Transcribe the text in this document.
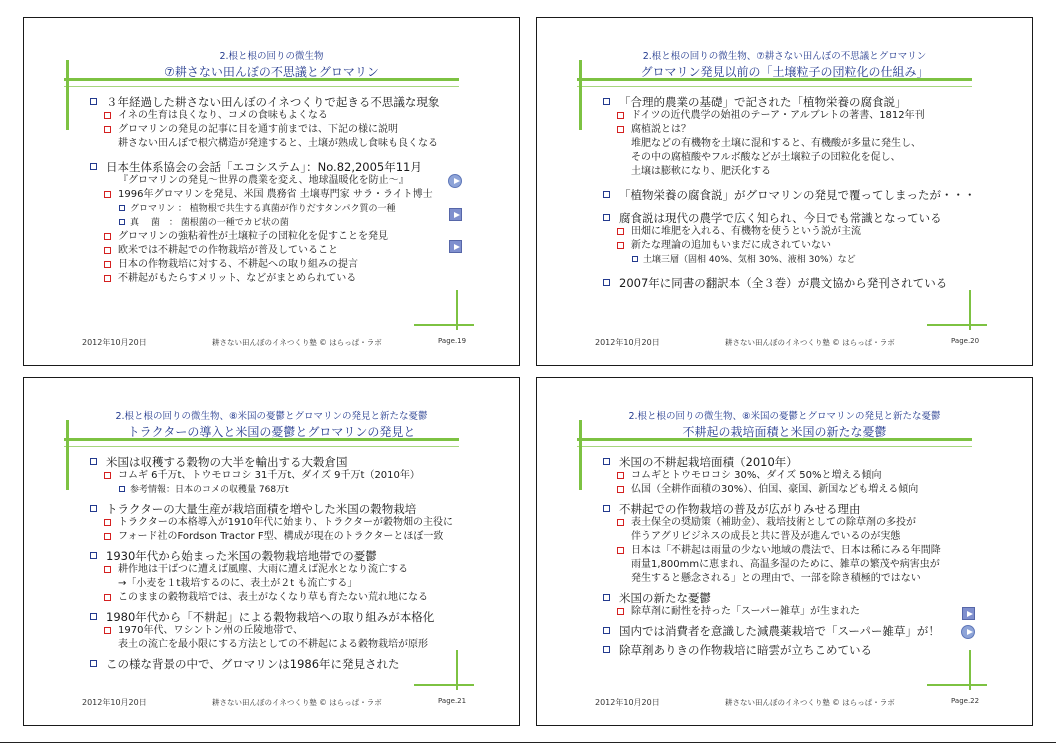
2.根と根の回りの微生物
⑦耕さない田んぼの不思議とグロマリン
３年経過した耕さない田んぼのイネつくりで起きる不思議な現象
イネの生育は良くなり、コメの食味もよくなる
グロマリンの発見の記事に目を通す前までは、下記の様に説明
耕さない田んぼで根穴構造が発達すると、土壌が熟成し食味も良くなる
日本生体系協会の会話「エコシステム」：No.82,2005年11月
『グロマリンの発見～世界の農業を変え、地球温暖化を防止～』
1996年グロマリンを発見、米国 農務省 土壌専門家 サラ・ライト博士
グロマリン ： 植物根で共生する真菌が作りだすタンパク質の一種
真　 菌　： 菌根菌の一種でカビ状の菌
グロマリンの強粘着性が土壌粒子の団粒化を促すことを発見
欧米では不耕起での作物栽培が普及していること
日本の作物栽培に対する、不耕起への取り組みの提言
不耕起がもたらすメリット、などがまとめられている
2012年10月20日	耕さない田んぼのイネつくり塾 © はらっぱ・ラボ	Page.19
2.根と根の回りの微生物、⑦耕さない田んぼの不思議とグロマリン
グロマリン発見以前の「土壌粒子の団粒化の仕組み」
「合理的農業の基礎」で記された「植物栄養の腐食説」
ドイツの近代農学の始祖のテーア・アルブレトの著書、1812年刊
腐植説とは？
堆肥などの有機物を土壌に混和すると、有機酸が多量に発生し、
その中の腐植酸やフルボ酸などが土壌粒子の団粒化を促し、
土壌は膨軟になり、肥沃化する
「植物栄養の腐食説」がグロマリンの発見で覆ってしまったが・・・
腐食説は現代の農学で広く知られ、今日でも常識となっている
田畑に堆肥を入れる、有機物を使うという説が主流
新たな理論の追加もいまだに成されていない
土壌三層（固相 40%、気相 30%、液相 30%）など
2007年に同書の翻訳本（全３巻）が農文協から発刊されている
2012年10月20日	耕さない田んぼのイネつくり塾 © はらっぱ・ラボ	Page.20
2.根と根の回りの微生物、⑧米国の憂鬱とグロマリンの発見と新たな憂鬱
トラクターの導入と米国の憂鬱とグロマリンの発見と
米国は収穫する穀物の大半を輸出する大穀倉国
コムギ 6千万t、トウモロコシ 31千万t、ダイズ 9千万t（2010年）
参考情報：日本のコメの収穫量 768万t
トラクターの大量生産が栽培面積を増やした米国の穀物栽培
トラクターの本格導入が1910年代に始まり、トラクターが穀物畑の主役に
フォード社のFordson Tractor F型、構成が現在のトラクターとほぼ一致
1930年代から始まった米国の穀物栽培地帯での憂鬱
耕作地は干ばつに遭えば風塵、大雨に遭えば泥水となり流亡する
→「小麦を１t栽培するのに、表土が２t も流亡する」
このままの穀物栽培では、表土がなくなり草も育たない荒れ地になる
1980年代から「不耕起」による穀物栽培への取り組みが本格化
1970年代、ワシントン州の丘陵地帯で、
表土の流亡を最小限にする方法としての不耕起による穀物栽培が原形
この様な背景の中で、グロマリンは1986年に発見された
2012年10月20日	耕さない田んぼのイネつくり塾 © はらっぱ・ラボ	Page.21
2.根と根の回りの微生物、⑧米国の憂鬱とグロマリンの発見と新たな憂鬱
不耕起の栽培面積と米国の新たな憂鬱
米国の不耕起栽培面積（2010年）
コムギとトウモロコシ 30%、ダイズ 50%と増える傾向
仏国（全耕作面積の30%）、伯国、豪国、新国なども増える傾向
不耕起での作物栽培の普及が広がりみせる理由
表土保全の奨励策（補助金）、栽培技術としての除草剤の多投が
伴うアグリビジネスの成長と共に普及が進んでいるのが実態
日本は「不耕起は雨量の少ない地域の農法で、日本は稀にみる年間降
雨量1,800mmに恵まれ、高温多湿のために、雑草の繁茂や病害虫が
発生すると懸念される」との理由で、一部を除き積極的ではない
米国の新たな憂鬱
除草剤に耐性を持った「スーパー雑草」が生まれた
国内では消費者を意識した減農薬栽培で「スーパー雑草」が！
除草剤ありきの作物栽培に暗雲が立ちこめている
2012年10月20日	耕さない田んぼのイネつくり塾 © はらっぱ・ラボ	Page.22
